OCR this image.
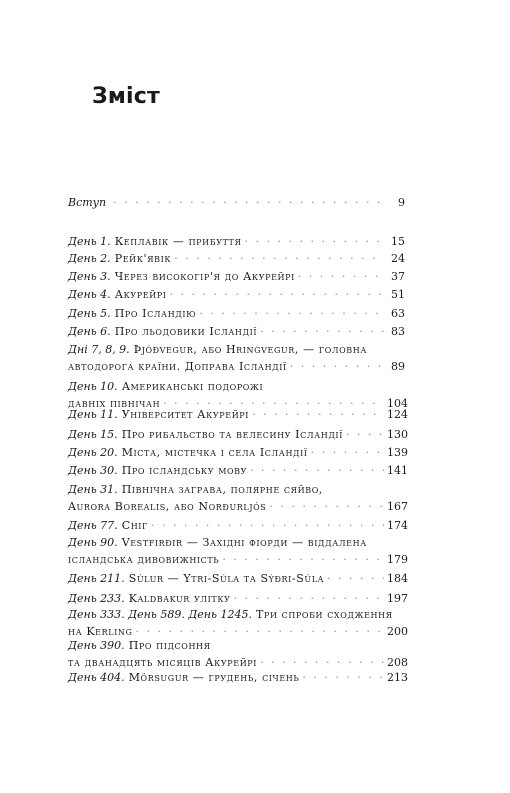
Зміст
Вступ · · ·	9
День 1. Кеплавік — прибуття · · ·	15
День 2. Рейк'явік · · ·	24
День 3. Через високогір'я до Акурейрі · · ·	37
День 4. Акурейрі · · ·	51
День 5. Про Ісландію · · ·	63
День 6. Про льодовики Ісландії · · ·	83
Дні 7, 8, 9. Þjóðvegur, або Hringvegur, — головна
автодорога країни. Доправа Ісландії · · ·	89
День 10. Американські подорожі
давніх північан · · ·	104
День 11. Університет Акурейрі · · ·	124
День 15. Про рибальство та велесину Ісландії · · ·	130
День 20. Міста, містечка і села Ісландії · · ·	139
День 30. Про ісландську мову · · ·	141
День 31. Північна заграва, полярне сяйво,
Aurora Borealis, або Norðurljós · · ·	167
День 77. Сніг · · ·	174
День 90. Vestfirðir — Західні фіорди — віддалена
ісландська дивовижність · · ·	179
День 211. Súlur — Ytri-Súla та Sýðri-Súla · · ·	184
День 233. Kaldbakur улітку · · ·	197
День 333. День 589. День 1245. Три спроби сходження
на Kerling · · ·	200
День 390. Про підсоння
та дванадцять місяців Акурейрі · · ·	208
День 404. Mörsugur — грудень, січень · · ·	213
